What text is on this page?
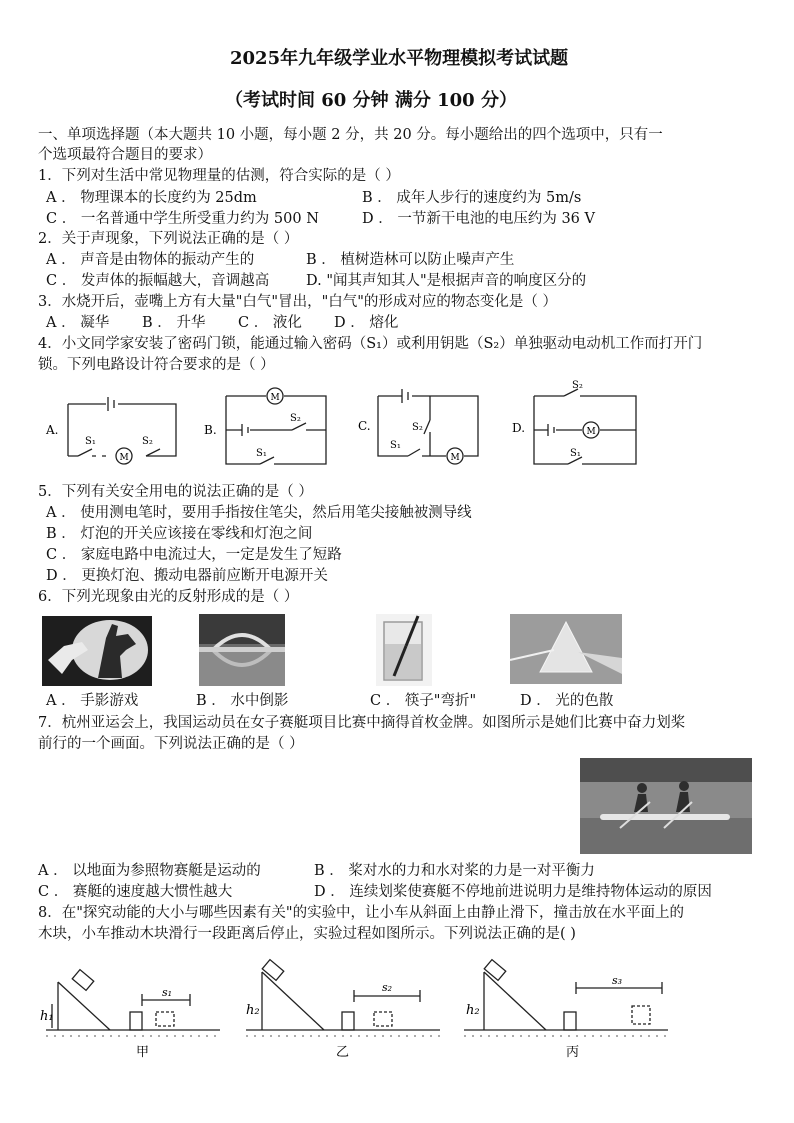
2025年九年级学业水平物理模拟考试试题
（考试时间 60 分钟 满分 100 分）
一、单项选择题（本大题共 10 小题，每小题 2 分，共 20 分。每小题给出的四个选项中，只有一
个选项最符合题目的要求）
1．下列对生活中常见物理量的估测，符合实际的是（ ）
A ． 物理课本的长度约为 25dm	B ． 成年人步行的速度约为 5m/s
C ． 一名普通中学生所受重力约为 500 N	D ． 一节新干电池的电压约为 36 V
2．关于声现象，下列说法正确的是（ ）
A ． 声音是由物体的振动产生的	B ． 植树造林可以防止噪声产生
C ． 发声体的振幅越大，音调越高	D. "闻其声知其人"是根据声音的响度区分的
3．水烧开后，壶嘴上方有大量"白气"冒出，"白气"的形成对应的物态变化是（ ）
A ． 凝华 B ． 升华 C ． 液化 D ． 熔化
4．小文同学家安装了密码门锁，能通过输入密码（S₁）或利用钥匙（S₂）单独驱动电动机工作而打开门
锁。下列电路设计符合要求的是（ ）
A.
S₁	S₂
M
B.
M
S₂
S₁
C.	S₂
S₁
M
D.
S₂
M
S₁
5．下列有关安全用电的说法正确的是（ ）
A ． 使用测电笔时，要用手指按住笔尖，然后用笔尖接触被测导线
B ． 灯泡的开关应该接在零线和灯泡之间
C ． 家庭电路中电流过大，一定是发生了短路
D ． 更换灯泡、搬动电器前应断开电源开关
6．下列光现象由光的反射形成的是（ ）
A ． 手影游戏	B ． 水中倒影	C ． 筷子"弯折"	D ． 光的色散
7．杭州亚运会上，我国运动员在女子赛艇项目比赛中摘得首枚金牌。如图所示是她们比赛中奋力划桨
前行的一个画面。下列说法正确的是（ ）
A ． 以地面为参照物赛艇是运动的	B ． 桨对水的力和水对桨的力是一对平衡力
C ． 赛艇的速度越大惯性越大	D ． 连续划桨使赛艇不停地前进说明力是维持物体运动的原因
8．在"探究动能的大小与哪些因素有关"的实验中，让小车从斜面上由静止滑下，撞击放在水平面上的
木块，小车推动木块滑行一段距离后停止，实验过程如图所示。下列说法正确的是( )
h₁
s₁
甲
h₂
s₂
乙
h₂
s₃
丙
